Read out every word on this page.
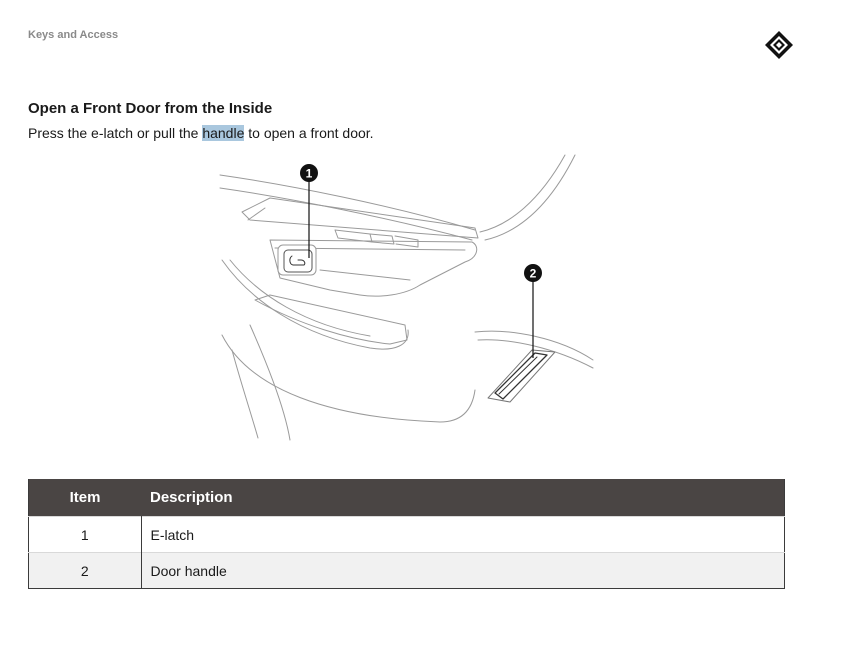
Keys and Access
Open a Front Door from the Inside
Press the e-latch or pull the handle to open a front door.
1
2
Item	Description
1	E-latch
2	Door handle
